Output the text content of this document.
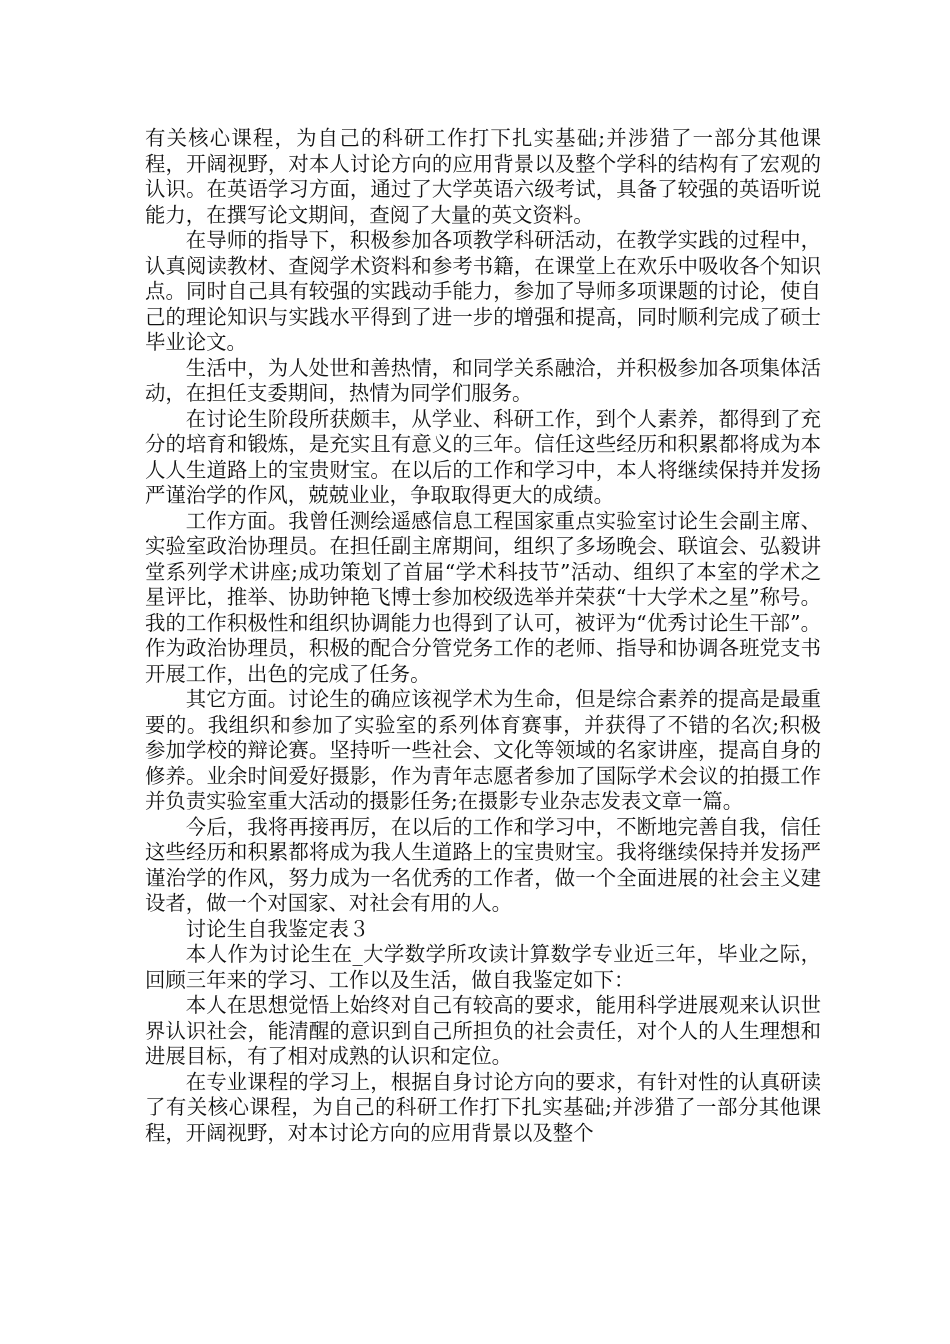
有关核心课程，为自己的科研工作打下扎实基础;并涉猎了一部分其他课程，开阔视野，对本人讨论方向的应用背景以及整个学科的结构有了宏观的认识。在英语学习方面，通过了大学英语六级考试，具备了较强的英语听说能力，在撰写论文期间，查阅了大量的英文资料。

在导师的指导下，积极参加各项教学科研活动，在教学实践的过程中，认真阅读教材、查阅学术资料和参考书籍，在课堂上在欢乐中吸收各个知识点。同时自己具有较强的实践动手能力，参加了导师多项课题的讨论，使自己的理论知识与实践水平得到了进一步的增强和提高，同时顺利完成了硕士毕业论文。

生活中，为人处世和善热情，和同学关系融洽，并积极参加各项集体活动，在担任支委期间，热情为同学们服务。

在讨论生阶段所获颇丰，从学业、科研工作，到个人素养，都得到了充分的培育和锻炼，是充实且有意义的三年。信任这些经历和积累都将成为本人人生道路上的宝贵财宝。在以后的工作和学习中，本人将继续保持并发扬严谨治学的作风，兢兢业业，争取取得更大的成绩。

工作方面。我曾任测绘遥感信息工程国家重点实验室讨论生会副主席、实验室政治协理员。在担任副主席期间，组织了多场晚会、联谊会、弘毅讲堂系列学术讲座;成功策划了首届“学术科技节”活动、组织了本室的学术之星评比，推举、协助钟艳飞博士参加校级选举并荣获“十大学术之星”称号。我的工作积极性和组织协调能力也得到了认可，被评为“优秀讨论生干部”。作为政治协理员，积极的配合分管党务工作的老师、指导和协调各班党支书开展工作，出色的完成了任务。

其它方面。讨论生的确应该视学术为生命，但是综合素养的提高是最重要的。我组织和参加了实验室的系列体育赛事，并获得了不错的名次;积极参加学校的辩论赛。坚持听一些社会、文化等领域的名家讲座，提高自身的修养。业余时间爱好摄影，作为青年志愿者参加了国际学术会议的拍摄工作并负责实验室重大活动的摄影任务;在摄影专业杂志发表文章一篇。

今后，我将再接再厉，在以后的工作和学习中，不断地完善自我，信任这些经历和积累都将成为我人生道路上的宝贵财宝。我将继续保持并发扬严谨治学的作风，努力成为一名优秀的工作者，做一个全面进展的社会主义建设者，做一个对国家、对社会有用的人。

讨论生自我鉴定表３

本人作为讨论生在_大学数学所攻读计算数学专业近三年，毕业之际，回顾三年来的学习、工作以及生活，做自我鉴定如下：

本人在思想觉悟上始终对自己有较高的要求，能用科学进展观来认识世界认识社会，能清醒的意识到自己所担负的社会责任，对个人的人生理想和进展目标，有了相对成熟的认识和定位。

在专业课程的学习上，根据自身讨论方向的要求，有针对性的认真研读了有关核心课程，为自己的科研工作打下扎实基础;并涉猎了一部分其他课程，开阔视野，对本讨论方向的应用背景以及整个
